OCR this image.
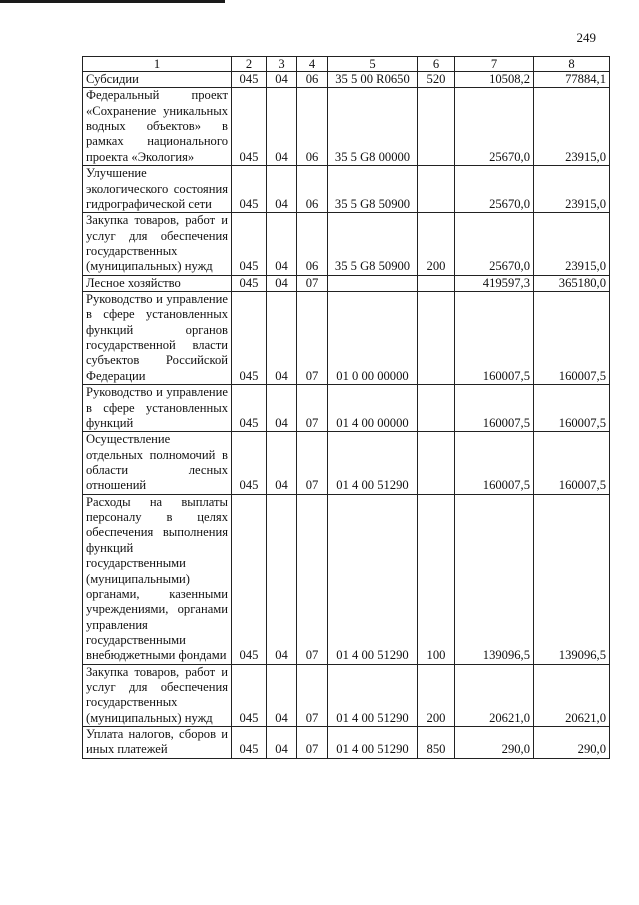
249
1	2	3	4	5	6	7	8
Субсидии	045	04	06	35 5 00 R0650	520	10508,2	77884,1
Федеральный проект «Сохранение уникальных водных объектов» в рамках национального проекта «Экология»	045	04	06	35 5 G8 00000		25670,0	23915,0
Улучшение экологического состояния гидрографической сети	045	04	06	35 5 G8 50900		25670,0	23915,0
Закупка товаров, работ и услуг для обеспечения государственных (муниципальных) нужд	045	04	06	35 5 G8 50900	200	25670,0	23915,0
Лесное хозяйство	045	04	07			419597,3	365180,0
Руководство и управление в сфере установленных функций органов государственной власти субъектов Российской Федерации	045	04	07	01 0 00 00000		160007,5	160007,5
Руководство и управление в сфере установленных функций	045	04	07	01 4 00 00000		160007,5	160007,5
Осуществление отдельных полномочий в области лесных отношений	045	04	07	01 4 00 51290		160007,5	160007,5
Расходы на выплаты персоналу в целях обеспечения выполнения функций государственными (муниципальными) органами, казенными учреждениями, органами управления государственными внебюджетными фондами	045	04	07	01 4 00 51290	100	139096,5	139096,5
Закупка товаров, работ и услуг для обеспечения государственных (муниципальных) нужд	045	04	07	01 4 00 51290	200	20621,0	20621,0
Уплата налогов, сборов и иных платежей	045	04	07	01 4 00 51290	850	290,0	290,0
